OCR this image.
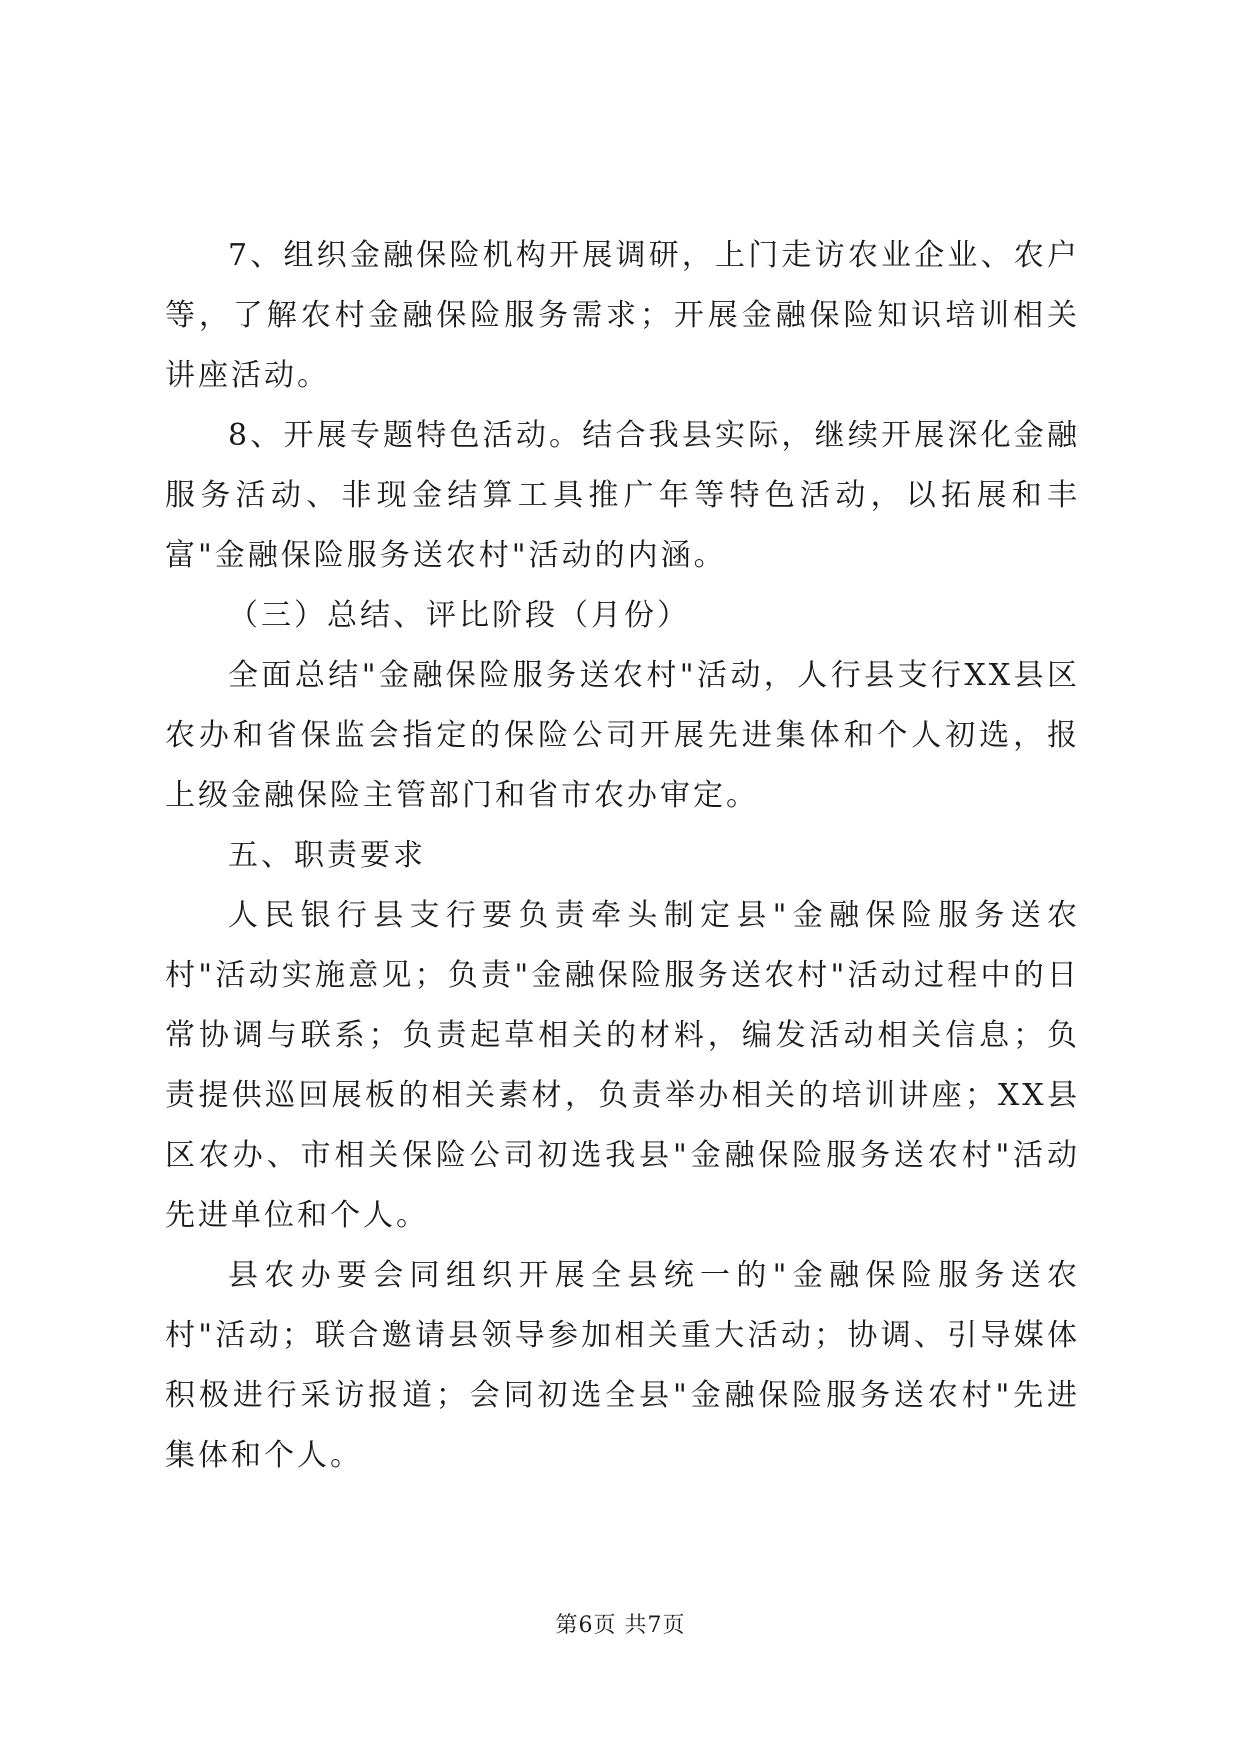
7、组织金融保险机构开展调研，上门走访农业企业、农户等，了解农村金融保险服务需求；开展金融保险知识培训相关讲座活动。

8、开展专题特色活动。结合我县实际，继续开展深化金融服务活动、非现金结算工具推广年等特色活动，以拓展和丰富"金融保险服务送农村"活动的内涵。

（三）总结、评比阶段（月份）

全面总结"金融保险服务送农村"活动，人行县支行XX县区农办和省保监会指定的保险公司开展先进集体和个人初选，报上级金融保险主管部门和省市农办审定。

五、职责要求

人民银行县支行要负责牵头制定县"金融保险服务送农村"活动实施意见；负责"金融保险服务送农村"活动过程中的日常协调与联系；负责起草相关的材料，编发活动相关信息；负责提供巡回展板的相关素材，负责举办相关的培训讲座；XX县区农办、市相关保险公司初选我县"金融保险服务送农村"活动先进单位和个人。

县农办要会同组织开展全县统一的"金融保险服务送农村"活动；联合邀请县领导参加相关重大活动；协调、引导媒体积极进行采访报道；会同初选全县"金融保险服务送农村"先进集体和个人。

第6页 共7页
